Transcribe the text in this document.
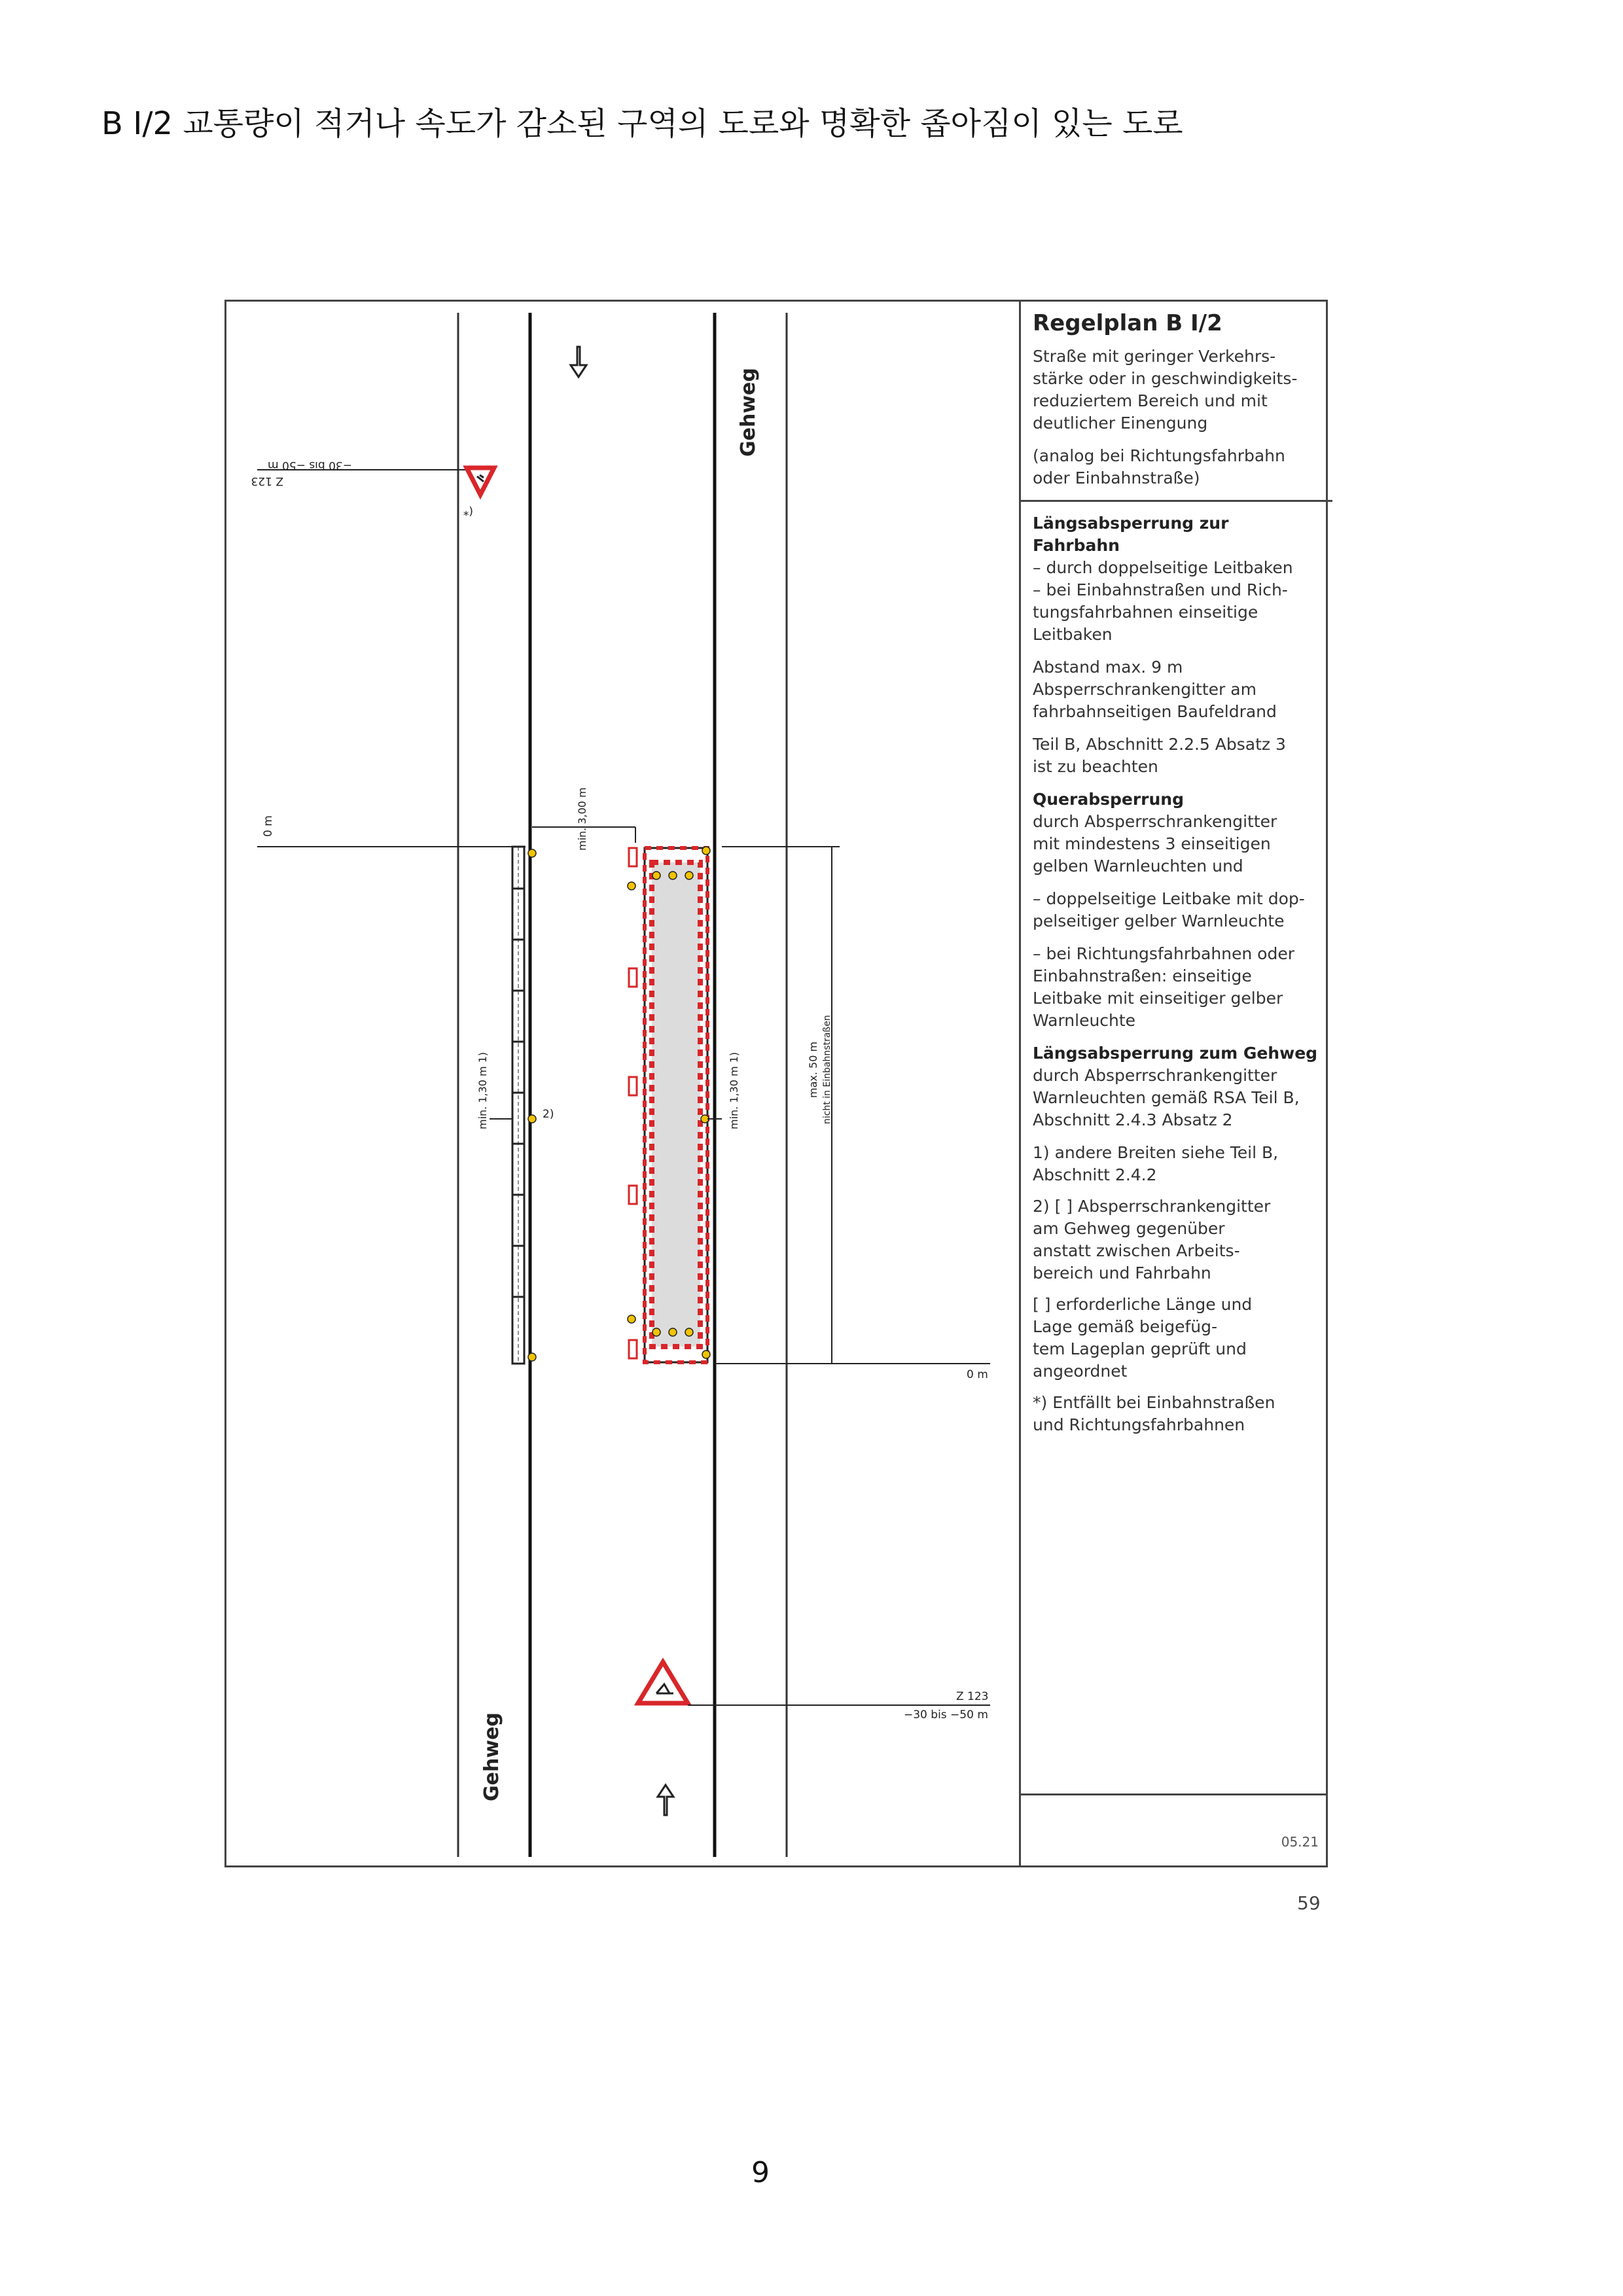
B I/2 교통량이 적거나 속도가 감소된 구역의 도로와 명확한 좁아짐이 있는 도로
Gehweg
Gehweg
−30 bis −50 m
Z 123
(*
0 m	min. 3,00 m
min. 1,30 m 1)	2)	min. 1,30 m 1)	max. 50 m nicht in Einbahnstraßen
0 m
Z 123
−30 bis −50 m
Regelplan B I/2

Straße mit geringer Verkehrs-
stärke oder in geschwindigkeits-
reduziertem Bereich und mit
deutlicher Einengung

(analog bei Richtungsfahrbahn
oder Einbahnstraße)

Längsabsperrung zur Fahrbahn

– durch doppelseitige Leitbaken
– bei Einbahnstraßen und Rich-
tungsfahrbahnen einseitige
Leitbaken

Abstand max. 9 m
Absperrschrankengitter am
fahrbahnseitigen Baufeldrand

Teil B, Abschnitt 2.2.5 Absatz 3
ist zu beachten

Querabsperrung

durch Absperrschrankengitter
mit mindestens 3 einseitigen
gelben Warnleuchten und

– doppelseitige Leitbake mit dop-
pelseitiger gelber Warnleuchte

– bei Richtungsfahrbahnen oder
Einbahnstraßen: einseitige
Leitbake mit einseitiger gelber
Warnleuchte

Längsabsperrung zum Gehweg

durch Absperrschrankengitter
Warnleuchten gemäß RSA Teil B,
Abschnitt 2.4.3 Absatz 2

1) andere Breiten siehe Teil B,
Abschnitt 2.4.2

2) [ ] Absperrschrankengitter
am Gehweg gegenüber
anstatt zwischen Arbeits-
bereich und Fahrbahn

[ ] erforderliche Länge und
Lage gemäß beigefüg-
tem Lageplan geprüft und
angeordnet

*) Entfällt bei Einbahnstraßen
und Richtungsfahrbahnen

05.21
59
9
